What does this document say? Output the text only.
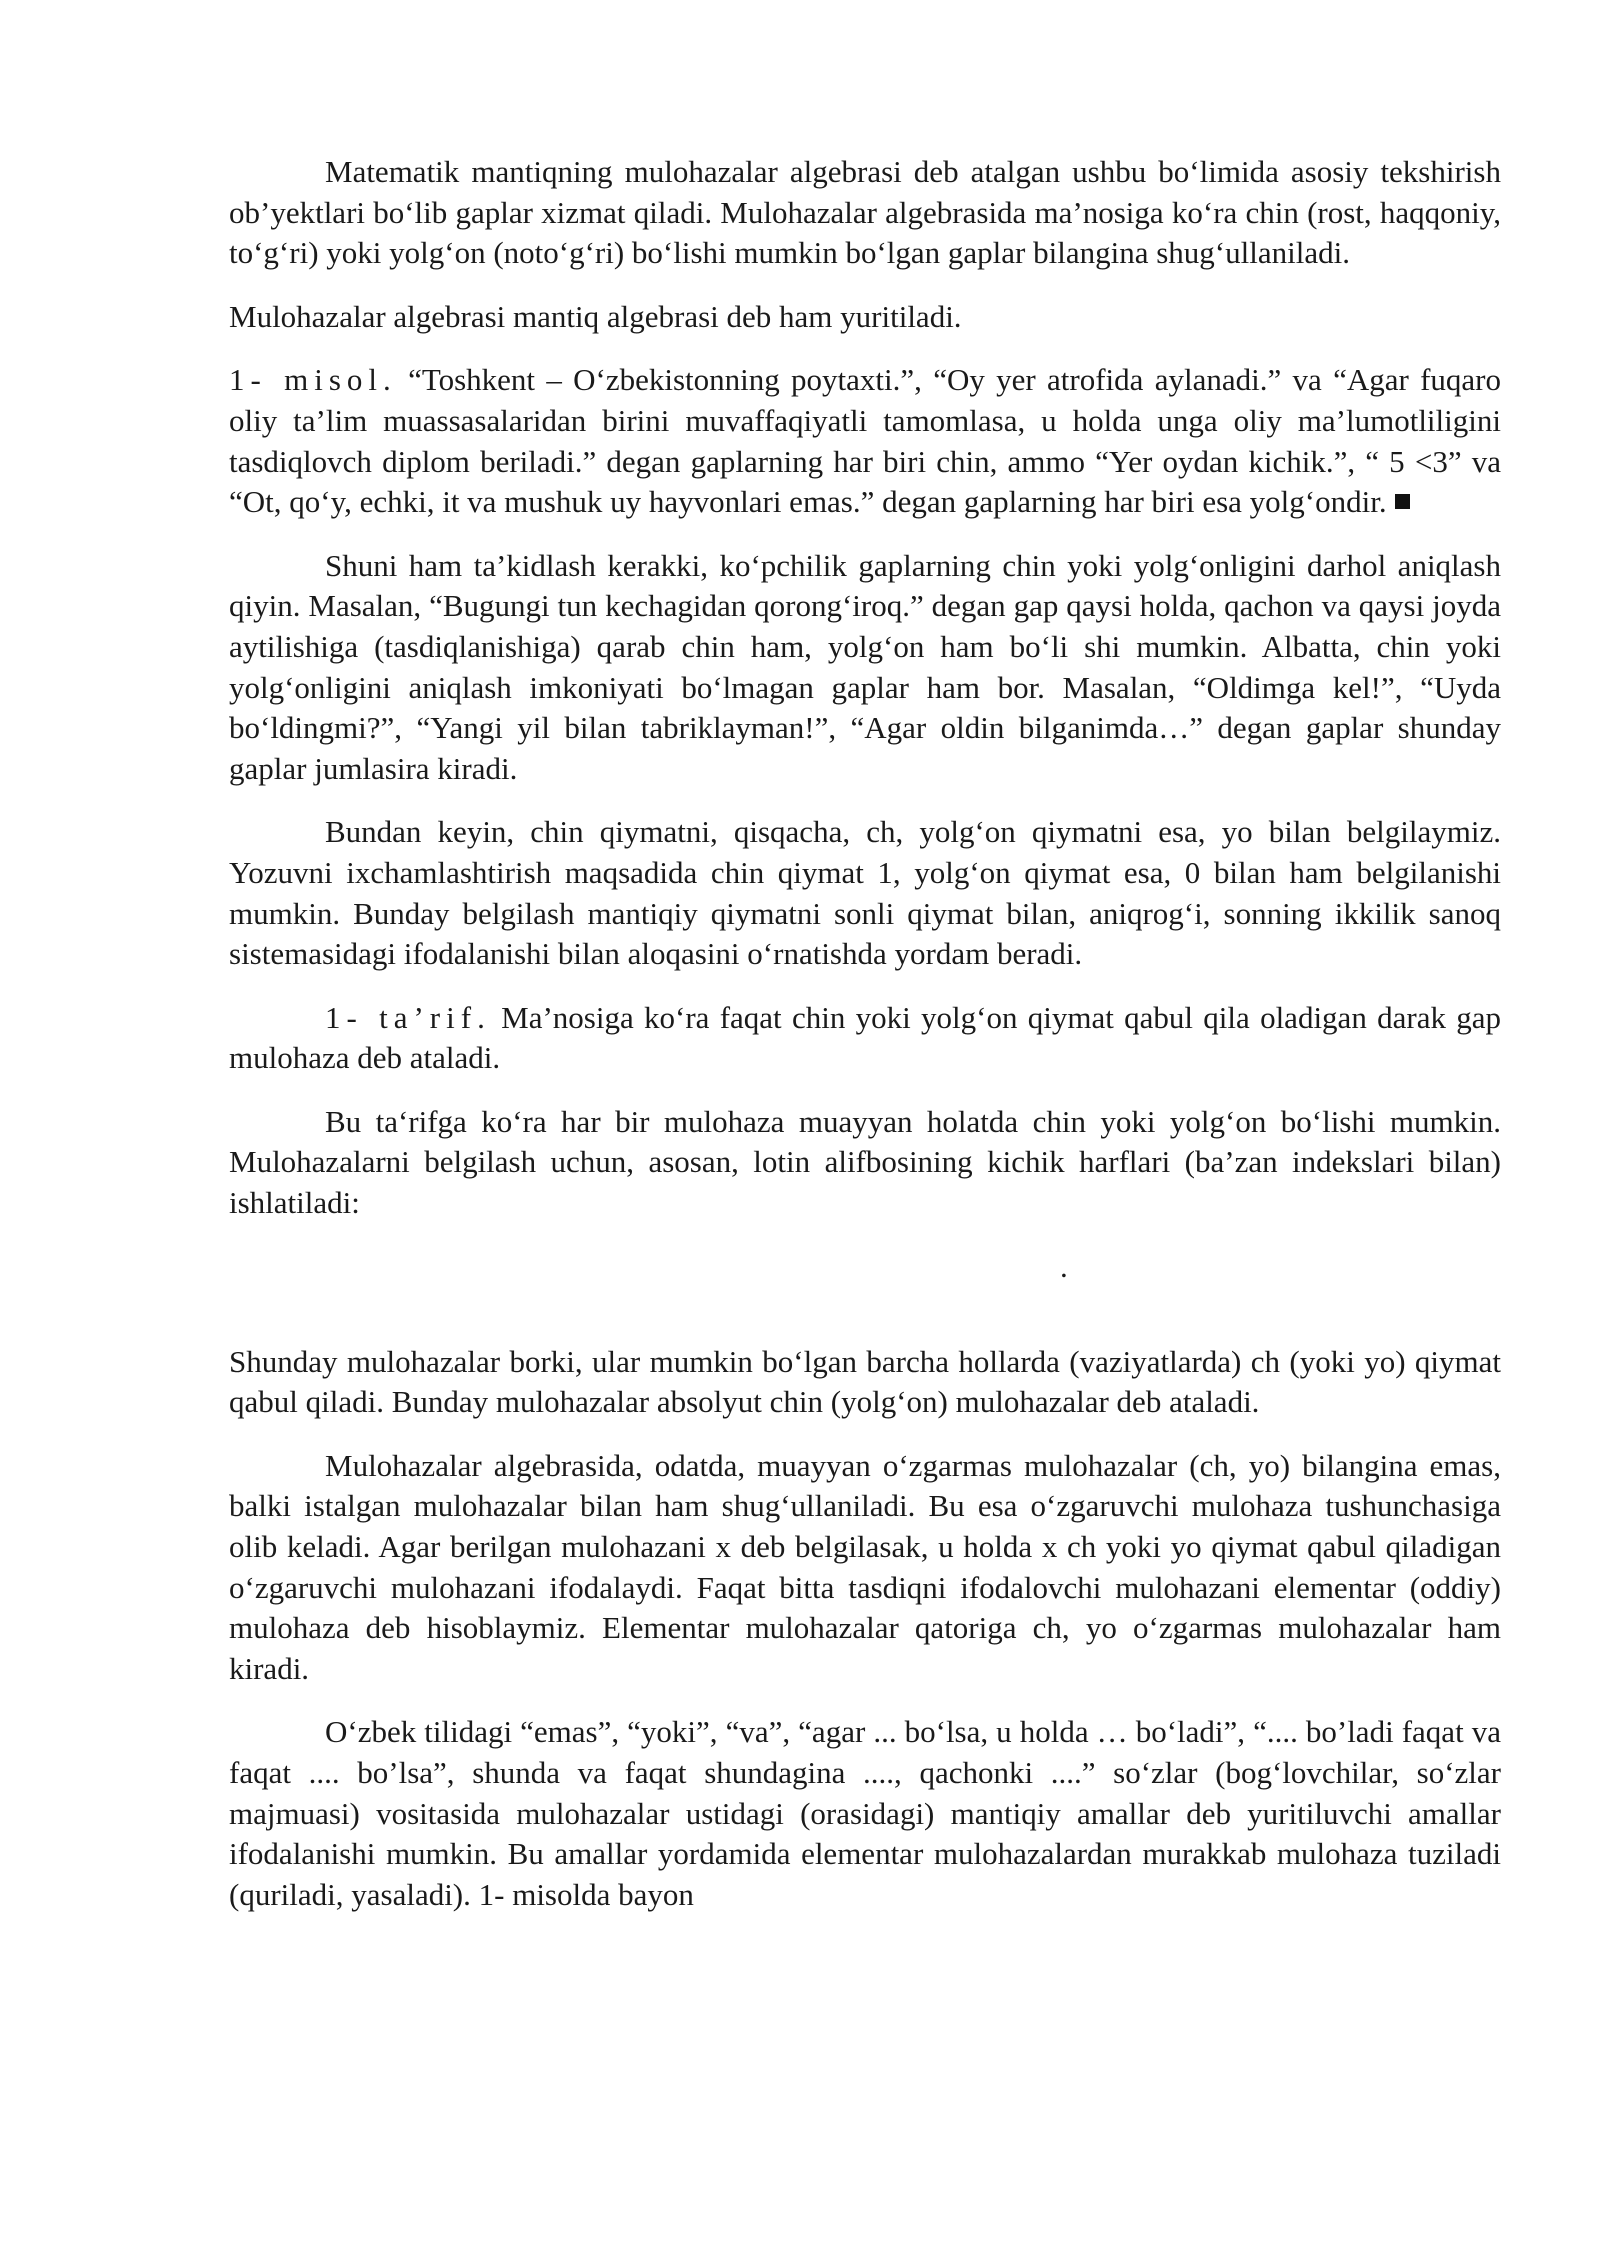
Matematik mantiqning mulohazalar algebrasi deb atalgan ushbu bo‘limida asosiy tekshirish ob’yektlari bo‘lib gaplar xizmat qiladi. Mulohazalar algebrasida ma’nosiga ko‘ra chin (rost, haqqoniy, to‘g‘ri) yoki yolg‘on (noto‘g‘ri) bo‘lishi mumkin bo‘lgan gaplar bilangina shug‘ullaniladi.

Mulohazalar algebrasi mantiq algebrasi deb ham yuritiladi.

1- misol. “Toshkent – O‘zbekistonning poytaxti.”, “Oy yer atrofida aylanadi.” va “Agar fuqaro oliy ta’lim muassasalaridan birini muvaffaqiyatli tamomlasa, u holda unga oliy ma’lumotliligini tasdiqlovch diplom beriladi.” degan gaplarning har biri chin, ammo “Yer oydan kichik.”, “ 5 <3” va “Ot, qo‘y, echki, it va mushuk uy hayvonlari emas.” degan gaplarning har biri esa yolg‘ondir.

Shuni ham ta’kidlash kerakki, ko‘pchilik gaplarning chin yoki yolg‘onligini darhol aniqlash qiyin. Masalan, “Bugungi tun kechagidan qorong‘iroq.” degan gap qaysi holda, qachon va qaysi joyda aytilishiga (tasdiqlanishiga) qarab chin ham, yolg‘on ham bo‘li shi mumkin. Albatta, chin yoki yolg‘onligini aniqlash imkoniyati bo‘lmagan gaplar ham bor. Masalan, “Oldimga kel!”, “Uyda bo‘ldingmi?”, “Yangi yil bilan tabriklayman!”, “Agar oldin bilganimda…” degan gaplar shunday gaplar jumlasira kiradi.

Bundan keyin, chin qiymatni, qisqacha, ch, yolg‘on qiymatni esa, yo bilan belgilaymiz. Yozuvni ixchamlashtirish maqsadida chin qiymat 1, yolg‘on qiymat esa, 0 bilan ham belgilanishi mumkin. Bunday belgilash mantiqiy qiymatni sonli qiymat bilan, aniqrog‘i, sonning ikkilik sanoq sistemasidagi ifodalanishi bilan aloqasini o‘rnatishda yordam beradi.

1- ta’rif. Ma’nosiga ko‘ra faqat chin yoki yolg‘on qiymat qabul qila oladigan darak gap mulohaza deb ataladi.

Bu ta‘rifga ko‘ra har bir mulohaza muayyan holatda chin yoki yolg‘on bo‘lishi mumkin. Mulohazalarni belgilash uchun, asosan, lotin alifbosining kichik harflari (ba’zan indekslari bilan) ishlatiladi:

.

Shunday mulohazalar borki, ular mumkin bo‘lgan barcha hollarda (vaziyatlarda) ch (yoki yo) qiymat qabul qiladi. Bunday mulohazalar absolyut chin (yolg‘on) mulohazalar deb ataladi.

Mulohazalar algebrasida, odatda, muayyan o‘zgarmas mulohazalar (ch, yo) bilangina emas, balki istalgan mulohazalar bilan ham shug‘ullaniladi. Bu esa o‘zgaruvchi mulohaza tushunchasiga olib keladi. Agar berilgan mulohazani x deb belgilasak, u holda x ch yoki yo qiymat qabul qiladigan o‘zgaruvchi mulohazani ifodalaydi. Faqat bitta tasdiqni ifodalovchi mulohazani elementar (oddiy) mulohaza deb hisoblaymiz. Elementar mulohazalar qatoriga ch, yo o‘zgarmas mulohazalar ham kiradi.

O‘zbek tilidagi “emas”, “yoki”, “va”, “agar ... bo‘lsa, u holda … bo‘ladi”, “.... bo’ladi faqat va faqat .... bo’lsa”, shunda va faqat shundagina ...., qachonki ....” so‘zlar (bog‘lovchilar, so‘zlar majmuasi) vositasida mulohazalar ustidagi (orasidagi) mantiqiy amallar deb yuritiluvchi amallar ifodalanishi mumkin. Bu amallar yordamida elementar mulohazalardan murakkab mulohaza tuziladi (quriladi, yasaladi). 1- misolda bayon
